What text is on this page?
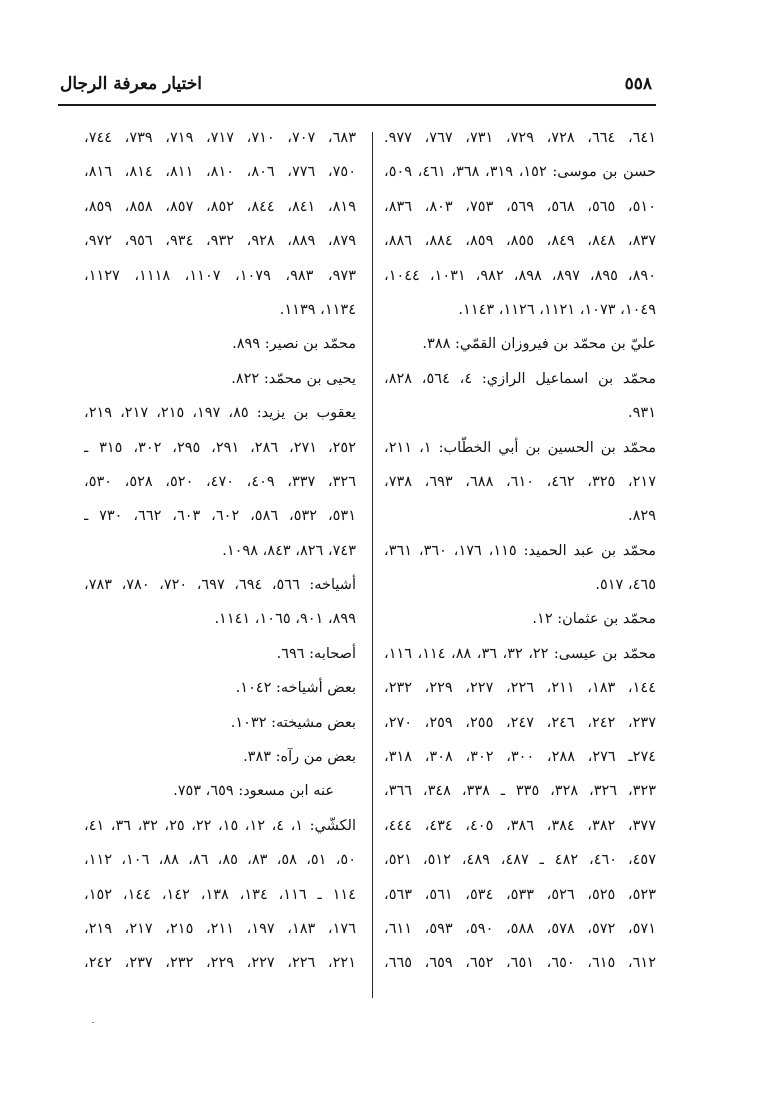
٥٥٨
اختيار معرفة الرجال
٦٤١، ٦٦٤، ٧٢٨، ٧٢٩، ٧٣١، ٧٦٧، ٩٧٧.
حسن بن موسى: ١٥٢، ٣١٩، ٣٦٨، ٤٦١، ٥٠٩،
٥١٠، ٥٦٥، ٥٦٨، ٥٦٩، ٧٥٣، ٨٠٣، ٨٣٦،
٨٣٧، ٨٤٨، ٨٤٩، ٨٥٥، ٨٥٩، ٨٨٤، ٨٨٦،
٨٩٠، ٨٩٥، ٨٩٧، ٨٩٨، ٩٨٢، ١٠٣١، ١٠٤٤،
١٠٤٩، ١٠٧٣، ١١٢١، ١١٢٦، ١١٤٣.
عليّ بن محمّد بن فيروزان القمّي: ٣٨٨.
محمّد بن اسماعيل الرازي: ٤، ٥٦٤، ٨٢٨،
٩٣١.
محمّد بن الحسين بن أبي الخطّاب: ١، ٢١١،
٢١٧، ٣٢٥، ٤٦٢، ٦١٠، ٦٨٨، ٦٩٣، ٧٣٨،
٨٢٩.
محمّد بن عبد الحميد: ١١٥، ١٧٦، ٣٦٠، ٣٦١،
٤٦٥، ٥١٧.
محمّد بن عثمان: ١٢.
محمّد بن عيسى: ٢٢، ٣٢، ٣٦، ٨٨، ١١٤، ١١٦،
١٤٤، ١٨٣، ٢١١، ٢٢٦، ٢٢٧، ٢٢٩، ٢٣٢،
٢٣٧، ٢٤٢، ٢٤٦، ٢٤٧، ٢٥٥، ٢٥٩، ٢٧٠،
٢٧٤ـ ٢٧٦، ٢٨٨، ٣٠٠، ٣٠٢، ٣٠٨، ٣١٨،
٣٢٣، ٣٢٦، ٣٢٨، ٣٣٥ ـ ٣٣٨، ٣٤٨، ٣٦٦،
٣٧٧، ٣٨٢، ٣٨٤، ٣٨٦، ٤٠٥، ٤٣٤، ٤٤٤،
٤٥٧، ٤٦٠، ٤٨٢ ـ ٤٨٧، ٤٨٩، ٥١٢، ٥٢١،
٥٢٣، ٥٢٥، ٥٢٦، ٥٣٣، ٥٣٤، ٥٦١، ٥٦٣،
٥٧١، ٥٧٢، ٥٧٨، ٥٨٨، ٥٩٠، ٥٩٣، ٦١١،
٦١٢، ٦١٥، ٦٥٠، ٦٥١، ٦٥٢، ٦٥٩، ٦٦٥،
٦٨٣، ٧٠٧، ٧١٠، ٧١٧، ٧١٩، ٧٣٩، ٧٤٤،
٧٥٠، ٧٧٦، ٨٠٦، ٨١٠، ٨١١، ٨١٤، ٨١٦،
٨١٩، ٨٤١، ٨٤٤، ٨٥٢، ٨٥٧، ٨٥٨، ٨٥٩،
٨٧٩، ٨٨٩، ٩٢٨، ٩٣٢، ٩٣٤، ٩٥٦، ٩٧٢،
٩٧٣، ٩٨٣، ١٠٧٩، ١١٠٧، ١١١٨، ١١٢٧،
١١٣٤، ١١٣٩.
محمّد بن نصير: ٨٩٩.
يحيى بن محمّد: ٨٢٢.
يعقوب بن يزيد: ٨٥، ١٩٧، ٢١٥، ٢١٧، ٢١٩،
٢٥٢، ٢٧١، ٢٨٦، ٢٩١، ٢٩٥، ٣٠٢، ٣١٥ ـ
٣٢٦، ٣٣٧، ٤٠٩، ٤٧٠، ٥٢٠، ٥٢٨، ٥٣٠،
٥٣١، ٥٣٢، ٥٨٦، ٦٠٢، ٦٠٣، ٦٦٢، ٧٣٠ ـ
٧٤٣، ٨٢٦، ٨٤٣، ١٠٩٨.
أشياخه: ٥٦٦، ٦٩٤، ٦٩٧، ٧٢٠، ٧٨٠، ٧٨٣،
٨٩٩، ٩٠١، ١٠٦٥، ١١٤١.
أصحابه: ٦٩٦.
بعض أشياخه: ١٠٤٢.
بعض مشيخته: ١٠٣٢.
بعض من رآه: ٣٨٣.
عنه ابن مسعود: ٦٥٩، ٧٥٣.
الكشّي: ١، ٤، ١٢، ١٥، ٢٢، ٢٥، ٣٢، ٣٦، ٤١،
٥٠، ٥١، ٥٨، ٨٣، ٨٥، ٨٦، ٨٨، ١٠٦، ١١٢،
١١٤ ـ ١١٦، ١٣٤، ١٣٨، ١٤٢، ١٤٤، ١٥٢،
١٧٦، ١٨٣، ١٩٧، ٢١١، ٢١٥، ٢١٧، ٢١٩،
٢٢١، ٢٢٦، ٢٢٧، ٢٢٩، ٢٣٢، ٢٣٧، ٢٤٢،
